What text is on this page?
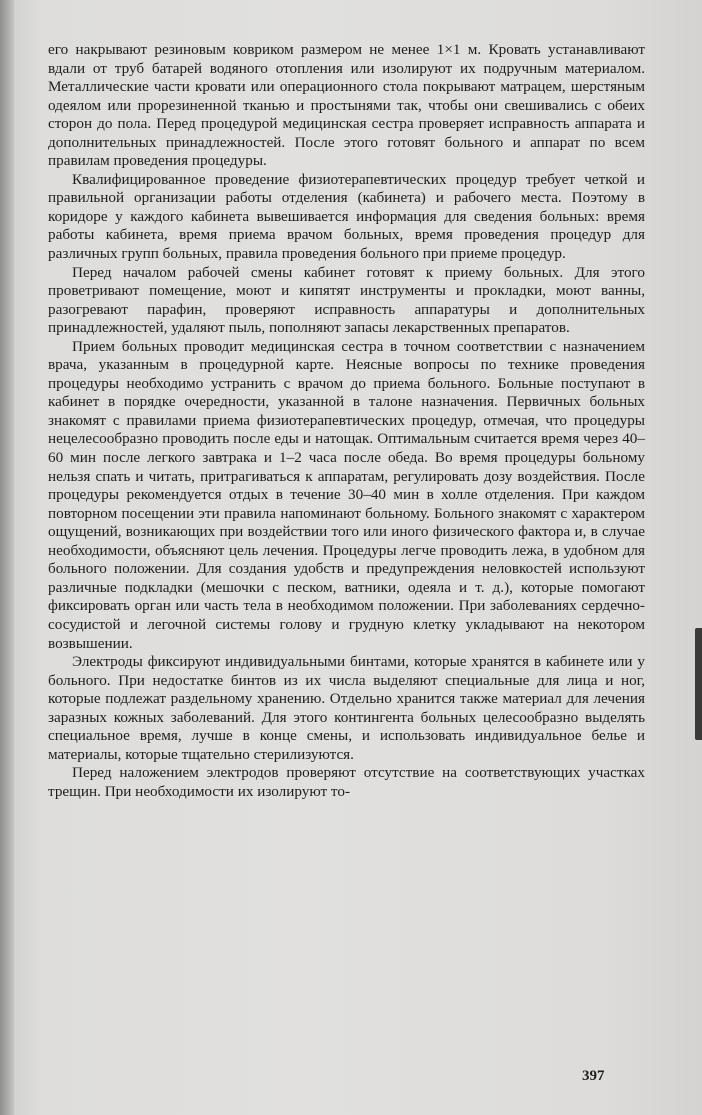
его накрывают резиновым ковриком размером не менее 1×1 м. Кровать устанавливают вдали от труб батарей водяного отопления или изолируют их подручным материалом. Металлические части кровати или операционного стола покрывают матрацем, шерстяным одеялом или прорезиненной тканью и простынями так, чтобы они свешивались с обеих сторон до пола. Перед процедурой медицинская сестра проверяет исправность аппарата и дополнительных принадлежностей. После этого готовят больного и аппарат по всем правилам проведения процедуры.

Квалифицированное проведение физиотерапевтических процедур требует четкой и правильной организации работы отделения (кабинета) и рабочего места. Поэтому в коридоре у каждого кабинета вывешивается информация для сведения больных: время работы кабинета, время приема врачом больных, время проведения процедур для различных групп больных, правила проведения больного при приеме процедур.

Перед началом рабочей смены кабинет готовят к приему больных. Для этого проветривают помещение, моют и кипятят инструменты и прокладки, моют ванны, разогревают парафин, проверяют исправность аппаратуры и дополнительных принадлежностей, удаляют пыль, пополняют запасы лекарственных препаратов.

Прием больных проводит медицинская сестра в точном соответствии с назначением врача, указанным в процедурной карте. Неясные вопросы по технике проведения процедуры необходимо устранить с врачом до приема больного. Больные поступают в кабинет в порядке очередности, указанной в талоне назначения. Первичных больных знакомят с правилами приема физиотерапевтических процедур, отмечая, что процедуры нецелесообразно проводить после еды и натощак. Оптимальным считается время через 40–60 мин после легкого завтрака и 1–2 часа после обеда. Во время процедуры больному нельзя спать и читать, притрагиваться к аппаратам, регулировать дозу воздействия. После процедуры рекомендуется отдых в течение 30–40 мин в холле отделения. При каждом повторном посещении эти правила напоминают больному. Больного знакомят с характером ощущений, возникающих при воздействии того или иного физического фактора и, в случае необходимости, объясняют цель лечения. Процедуры легче проводить лежа, в удобном для больного положении. Для создания удобств и предупреждения неловкостей используют различные подкладки (мешочки с песком, ватники, одеяла и т. д.), которые помогают фиксировать орган или часть тела в необходимом положении. При заболеваниях сердечно-сосудистой и легочной системы голову и грудную клетку укладывают на некотором возвышении.

Электроды фиксируют индивидуальными бинтами, которые хранятся в кабинете или у больного. При недостатке бинтов из их числа выделяют специальные для лица и ног, которые подлежат раздельному хранению. Отдельно хранится также материал для лечения заразных кожных заболеваний. Для этого контингента больных целесообразно выделять специальное время, лучше в конце смены, и использовать индивидуальное белье и материалы, которые тщательно стерилизуются.

Перед наложением электродов проверяют отсутствие на соответствующих участках трещин. При необходимости их изолируют то-

397
